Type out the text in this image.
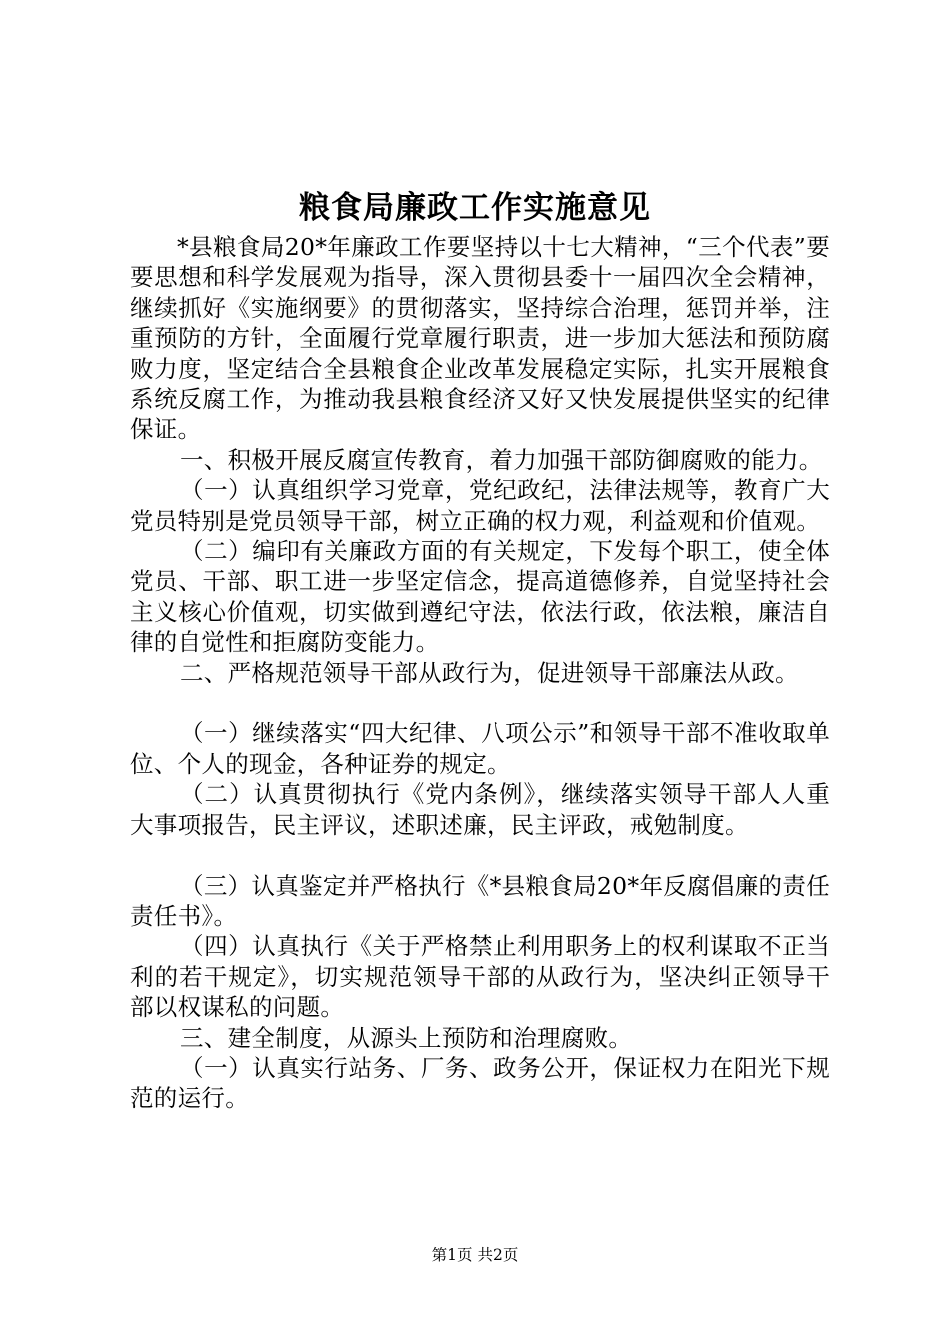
粮食局廉政工作实施意见

*县粮食局20*年廉政工作要坚持以十七大精神，“三个代表”要要思想和科学发展观为指导，深入贯彻县委十一届四次全会精神，继续抓好《实施纲要》的贯彻落实，坚持综合治理，惩罚并举，注重预防的方针，全面履行党章履行职责，进一步加大惩法和预防腐败力度，坚定结合全县粮食企业改革发展稳定实际，扎实开展粮食系统反腐工作，为推动我县粮食经济又好又快发展提供坚实的纪律保证。

一、积极开展反腐宣传教育，着力加强干部防御腐败的能力。

（一）认真组织学习党章，党纪政纪，法律法规等，教育广大党员特别是党员领导干部，树立正确的权力观，利益观和价值观。

（二）编印有关廉政方面的有关规定，下发每个职工，使全体党员、干部、职工进一步坚定信念，提高道德修养，自觉坚持社会主义核心价值观，切实做到遵纪守法，依法行政，依法粮，廉洁自律的自觉性和拒腐防变能力。

二、严格规范领导干部从政行为，促进领导干部廉法从政。

（一）继续落实“四大纪律、八项公示”和领导干部不准收取单位、个人的现金，各种证券的规定。

（二）认真贯彻执行《党内条例》，继续落实领导干部人人重大事项报告，民主评议，述职述廉，民主评政，戒勉制度。

（三）认真鉴定并严格执行《*县粮食局20*年反腐倡廉的责任责任书》。

（四）认真执行《关于严格禁止利用职务上的权利谋取不正当利的若干规定》，切实规范领导干部的从政行为，坚决纠正领导干部以权谋私的问题。

三、建全制度，从源头上预防和治理腐败。

（一）认真实行站务、厂务、政务公开，保证权力在阳光下规范的运行。

第1页 共2页
